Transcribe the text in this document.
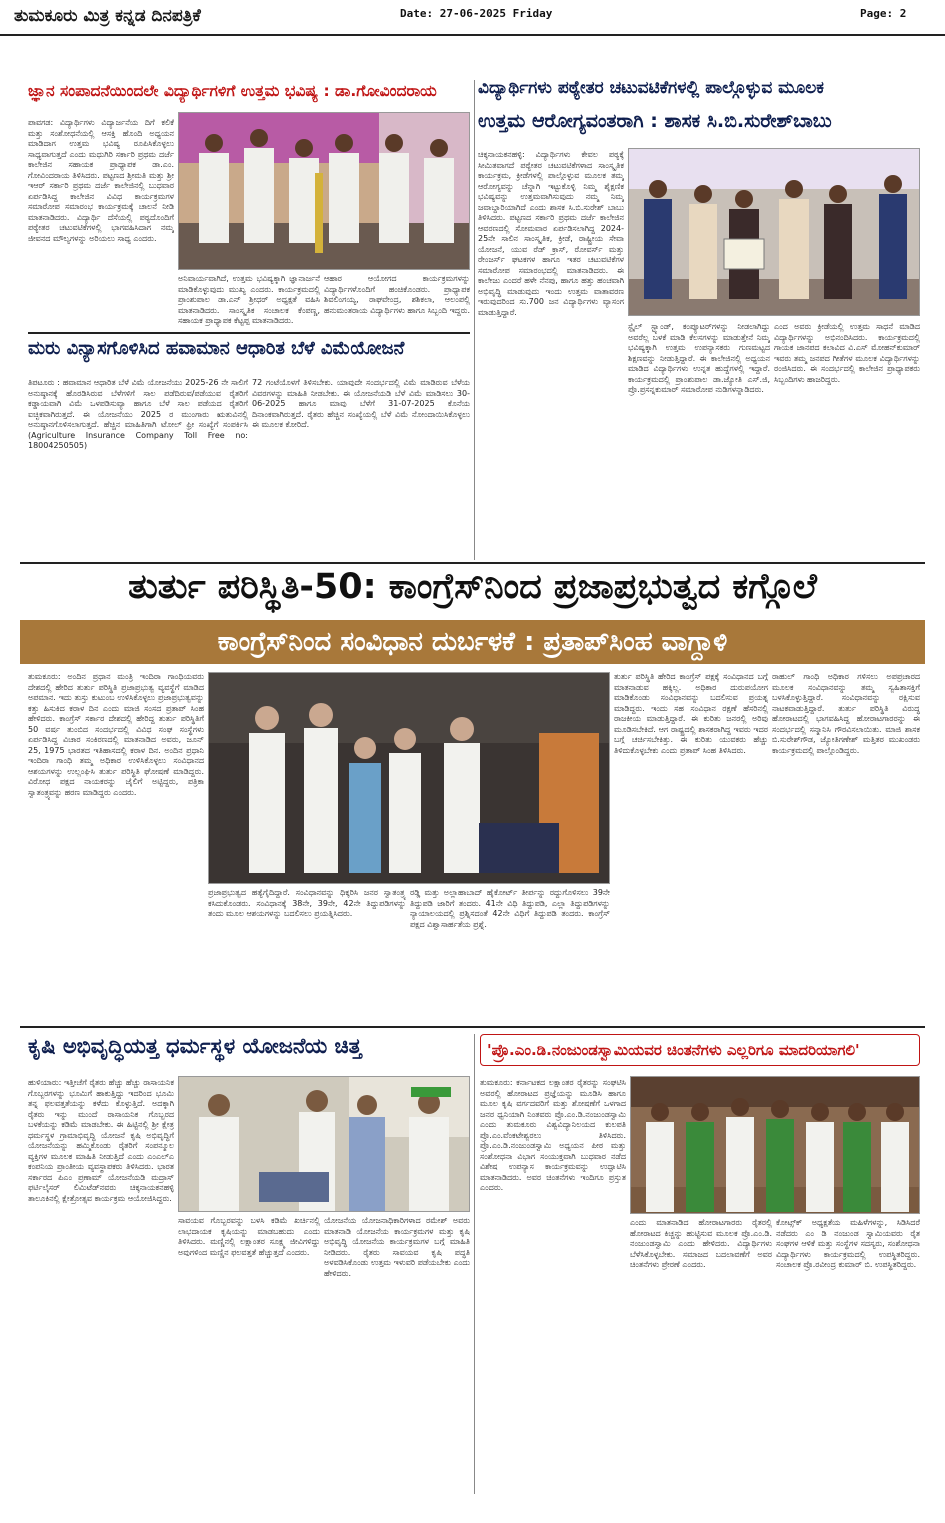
ತುಮಕೂರು ಮಿತ್ರ ಕನ್ನಡ ದಿನಪತ್ರಿಕೆ	Date: 27-06-2025 Friday	Page: 2
ಜ್ಞಾನ ಸಂಪಾದನೆಯಿಂದಲೇ ವಿದ್ಯಾರ್ಥಿಗಳಿಗೆ ಉತ್ತಮ ಭವಿಷ್ಯ : ಡಾ.ಗೋವಿಂದರಾಯ
ಪಾವಗಡ: ವಿದ್ಯಾರ್ಥಿಗಳು ವಿದ್ಯಾರ್ಜನೆಯ ದಿಗೆ ಕಲಿಕೆ ಮತ್ತು ಸಂಶೋಧನೆಯಲ್ಲಿ ಆಸಕ್ತಿ ಹೊಂದಿ ಅಧ್ಯಯನ ಮಾಡಿದಾಗ ಉತ್ತಮ ಭವಿಷ್ಯ ರೂಪಿಸಿಕೊಳ್ಳಲು ಸಾಧ್ಯವಾಗುತ್ತದೆ ಎಂದು ಮಧುಗಿರಿ ಸರ್ಕಾರಿ ಪ್ರಥಮ ದರ್ಜೆ ಕಾಲೇಜಿನ ಸಹಾಯಕ ಪ್ರಾಧ್ಯಾಪಕ ಡಾ.ಎಂ. ಗೋವಿಂದರಾಯ ತಿಳಿಸಿದರು. ಪಟ್ಟಣದ ಶ್ರೀಮತಿ ಮತ್ತು ಶ್ರೀ ಇಆರ್ ಸರ್ಕಾರಿ ಪ್ರಥಮ ದರ್ಜೆ ಕಾಲೇಜಿನಲ್ಲಿ ಬುಧವಾರ ಏರ್ಪಡಿಸಿದ್ದ ಕಾಲೇಜಿನ ವಿವಿಧ ಕಾರ್ಯಕ್ರಮಗಳ ಸಮಾರೋಪ ಸಮಾರಂಭ ಕಾರ್ಯಕ್ರಮಕ್ಕೆ ಚಾಲನೆ ನೀಡಿ ಮಾತನಾಡಿದರು. ವಿದ್ಯಾರ್ಥಿ ದೆಸೆಯಲ್ಲಿ ಪಠ್ಯದೊಂದಿಗೆ ಪಠ್ಯೇತರ ಚಟುವಟಿಕೆಗಳಲ್ಲಿ ಭಾಗವಹಿಸಿದಾಗ ನಮ್ಮ ಜೀವನದ ಮೌಲ್ಯಗಳನ್ನು ಅರಿಯಲು ಸಾಧ್ಯ ಎಂದರು.
ಅನಿವಾರ್ಯವಾಗಿದೆ, ಉತ್ತಮ ಭವಿಷ್ಯಕ್ಕಾಗಿ ಜ್ಞಾನಾರ್ಜನೆ ಮಾಡಿಕೊಳ್ಳುವುದು ಮುಖ್ಯ ಎಂದರು. ಕಾರ್ಯಕ್ರಮದಲ್ಲಿ ಪ್ರಾಂಶುಪಾಲ ಡಾ.ಎನ್ ಶ್ರೀಧರ್ ಅಧ್ಯಕ್ಷತೆ ವಹಿಸಿ ಮಾತನಾಡಿದರು. ಸಾಂಸ್ಕೃತಿಕ ಸಂಚಾಲಕ ಕೆಂಪಣ್ಣ, ಸಹಾಯಕ ಪ್ರಾಧ್ಯಾಪಕ ಕೆಟ್ಟಪ್ಪ ಮಾತನಾಡಿದರು.
ಆಹಾರ ಆಯೋಗದ ಕಾರ್ಯಕ್ರಮಗಳನ್ನು ವಿದ್ಯಾರ್ಥಿಗಳೊಂದಿಗೆ ಹಂಚಿಕೊಂಡರು. ಪ್ರಾಧ್ಯಾಪಕ ಶಿವಲಿಂಗಯ್ಯ, ರಾಘವೇಂದ್ರ, ಶಶಿಕಲಾ, ಆಲಂಪಲ್ಲಿ ಹನುಮಂತರಾಯ ವಿದ್ಯಾರ್ಥಿಗಳು ಹಾಗೂ ಸಿಬ್ಬಂದಿ ಇದ್ದರು.
ಮರು ವಿನ್ಯಾಸಗೊಳಿಸಿದ ಹವಾಮಾನ ಆಧಾರಿತ ಬೆಳೆ ವಿಮೆಯೋಜನೆ
ತಿಪಟೂರು : ಹವಾಮಾನ ಆಧಾರಿತ ಬೆಳೆ ವಿಮೆ ಯೋಜನೆಯು 2025-26 ನೇ ಸಾಲಿಗೆ ಅನುಷ್ಠಾನಕ್ಕೆ ಹೊರಡಿಸಿರುವ ಬೆಳೆಗಳಿಗೆ ಸಾಲ ಪಡೆದಿರುವ/ಪಡೆಯುವ ರೈತರಿಗೆ ಕಡ್ಡಾಯವಾಗಿ ವಿಮೆ ಒಳಪಡಿಸುವ್ಯಾ ಹಾಗೂ ಬೆಳೆ ಸಾಲ ಪಡೆಯದ ರೈತರಿಗೆ ಐಚ್ಛಿಕವಾಗಿರುತ್ತದೆ. ಈ ಯೋಜನೆಯು 2025 ರ ಮುಂಗಾರು ಋತುವಿನಲ್ಲಿ ಅನುಷ್ಠಾನಗೊಳಿಸಲಾಗುತ್ತದೆ. ಹೆಚ್ಚಿನ ಮಾಹಿತಿಗಾಗಿ ಟೋಲ್ ಫ್ರೀ ಸಂಖ್ಯೆಗೆ ಸಂಪರ್ಕಿಸಿ (Agriculture Insurance Company Toll Free no: 18004250505)
72 ಗಂಟೆಯೊಳಗೆ ತಿಳಿಸಬೇಕು. ಯಾವುದೇ ಸಂದರ್ಭದಲ್ಲಿ ವಿಮೆ ಮಾಡಿರುವ ಬೆಳೆಯ ವಿವರಗಳನ್ನು ಮಾಹಿತಿ ನೀಡಬೇಕು. ಈ ಯೋಜನೆಯಡಿ ಬೆಳೆ ವಿಮೆ ಮಾಡಿಸಲು 30-06-2025 ಹಾಗೂ ಮಾವು ಬೆಳೆಗೆ 31-07-2025 ಕೊನೆಯ ದಿನಾಂಕವಾಗಿರುತ್ತದೆ. ರೈತರು ಹೆಚ್ಚಿನ ಸಂಖ್ಯೆಯಲ್ಲಿ ಬೆಳೆ ವಿಮೆ ನೋಂದಾಯಿಸಿಕೊಳ್ಳಲು ಈ ಮೂಲಕ ಕೋರಿದೆ.
ವಿದ್ಯಾರ್ಥಿಗಳು ಪಠ್ಯೇತರ ಚಟುವಟಿಕೆಗಳಲ್ಲಿ ಪಾಲ್ಗೊಳ್ಳುವ ಮೂಲಕ
ಉತ್ತಮ ಆರೋಗ್ಯವಂತರಾಗಿ : ಶಾಸಕ ಸಿ.ಬಿ.ಸುರೇಶ್‌ಬಾಬು
ಚಿಕ್ಕನಾಯಕನಹಳ್ಳಿ: ವಿದ್ಯಾರ್ಥಿಗಳು ಕೇವಲ ಪಠ್ಯಕ್ಕೆ ಸೀಮಿತವಾಗದೆ ಪಠ್ಯೇತರ ಚಟುವಟಿಕೆಗಳಾದ ಸಾಂಸ್ಕೃತಿಕ ಕಾರ್ಯಕ್ರಮ, ಕ್ರೀಡೆಗಳಲ್ಲಿ ಪಾಲ್ಗೊಳ್ಳುವ ಮೂಲಕ ತಮ್ಮ ಆರೋಗ್ಯವನ್ನು ಚೆನ್ನಾಗಿ ಇಟ್ಟುಕೊಳ್ಳಿ ನಿಮ್ಮ ಶೈಕ್ಷಣಿಕ ಭವಿಷ್ಯವನ್ನು ಉತ್ತಮವಾಗಿಸುವುದು ನಮ್ಮ ನಿಮ್ಮ ಜವಾಬ್ದಾರಿಯಾಗಿದೆ ಎಂದು ಶಾಸಕ ಸಿ.ಬಿ.ಸುರೇಶ್ ಬಾಬು ತಿಳಿಸಿದರು. ಪಟ್ಟಣದ ಸರ್ಕಾರಿ ಪ್ರಥಮ ದರ್ಜೆ ಕಾಲೇಜಿನ ಆವರಣದಲ್ಲಿ ಸೋಮವಾರ ಏರ್ಪಡಿಸಲಾಗಿದ್ದ 2024-25ನೇ ಸಾಲಿನ ಸಾಂಸ್ಕೃತಿಕ, ಕ್ರೀಡೆ, ರಾಷ್ಟ್ರೀಯ ಸೇವಾ ಯೋಜನೆ, ಯುವ ರೆಡ್ ಕ್ರಾಸ್, ರೋವರ್ಸ್ ಮತ್ತು ರೇಂಜರ್ಸ್ ಘಟಕಗಳ ಹಾಗೂ ಇತರ ಚಟುವಟಿಕೆಗಳ ಸಮಾರೋಪ ಸಮಾರಂಭದಲ್ಲಿ ಮಾತನಾಡಿದರು. ಈ ಕಾಲೇಜು ಎಂದರೆ ಹಳೇ ನೆನಪು, ಹಾಗೂ ಹತ್ತು ಹಂಚವಾಗಿ ಅಭಿವೃದ್ಧಿ ಮಾಡುವುದು ಇಂದು ಉತ್ತಮ ವಾತಾವರಣ ಇರುವುದರಿಂದ ಸು.700 ಜನ ವಿದ್ಯಾರ್ಥಿಗಳು ವ್ಯಾಸಂಗ ಮಾಡುತ್ತಿದ್ದಾರೆ.
ಸ್ಟೈಲ್ ಸ್ಟ್ಯಾಂಡ್, ಕಂಪ್ಯೂಟರ್‌ಗಳನ್ನು ನೀಡಲಾಗಿದ್ದು ಅವರೆಲ್ಲ ಬಳಕೆ ಮಾಡಿ ಕೆಲಸಗಳನ್ನು ಮಾಡುತ್ತೇನೆ ನಿಮ್ಮ ಭವಿಷ್ಯಕ್ಕಾಗಿ ಉತ್ತಮ ಉಪನ್ಯಾಸಕರು ಗುಣಮಟ್ಟದ ಶಿಕ್ಷಣವನ್ನು ನೀಡುತ್ತಿದ್ದಾರೆ. ಈ ಕಾಲೇಜಿನಲ್ಲಿ ಅಧ್ಯಯನ ಮಾಡಿದ ವಿದ್ಯಾರ್ಥಿಗಳು ಉನ್ನತ ಹುದ್ದೆಗಳಲ್ಲಿ ಇದ್ದಾರೆ. ಕಾರ್ಯಕ್ರಮದಲ್ಲಿ ಪ್ರಾಂಶುಪಾಲ ಡಾ.ಜ್ಯೋತಿ ಎಸ್.ಜಿ, ಪ್ರೊ.ಪ್ರಸನ್ನಕುಮಾರ್ ಸಮಾರೋಪ ನುಡಿಗಳನ್ನಾಡಿದರು.
ಎಂದ ಅವರು ಕ್ರೀಡೆಯಲ್ಲಿ ಉತ್ತಮ ಸಾಧನೆ ಮಾಡಿದ ವಿದ್ಯಾರ್ಥಿಗಳನ್ನು ಅಭಿನಂದಿಸಿದರು. ಕಾರ್ಯಕ್ರಮದಲ್ಲಿ ಗಾಯಕ ಜಾನಪದ ಕಲಾವಿದ ವಿ.ಎಸ್ ಮೋಹನ್‌ಕುಮಾರ್ ಇವರು ತಮ್ಮ ಜನಪದ ಗೀತೆಗಳ ಮೂಲಕ ವಿದ್ಯಾರ್ಥಿಗಳನ್ನು ರಂಜಿಸಿದರು. ಈ ಸಂದರ್ಭದಲ್ಲಿ ಕಾಲೇಜಿನ ಪ್ರಾಧ್ಯಾಪಕರು ಸಿಬ್ಬಂದಿಗಳು ಹಾಜರಿದ್ದರು.
ತುರ್ತು ಪರಿಸ್ಥಿತಿ-50: ಕಾಂಗ್ರೆಸ್‌ನಿಂದ ಪ್ರಜಾಪ್ರಭುತ್ವದ ಕಗ್ಗೊಲೆ
ಕಾಂಗ್ರೆಸ್‌ನಿಂದ ಸಂವಿಧಾನ ದುರ್ಬಳಕೆ : ಪ್ರತಾಪ್‌ಸಿಂಹ ವಾಗ್ದಾಳಿ
ತುಮಕೂರು: ಅಂದಿನ ಪ್ರಧಾನ ಮಂತ್ರಿ ಇಂದಿರಾ ಗಾಂಧಿಯವರು ದೇಶದಲ್ಲಿ ಹೇರಿದ ತುರ್ತು ಪರಿಸ್ಥಿತಿ ಪ್ರಜಾಪ್ರಭುತ್ವ ವ್ಯವಸ್ಥೆಗೆ ಮಾಡಿದ ಅಪಮಾನ. ಇದು ತುಸ್ತು ಕುಟುಂಬ ಉಳಿಸಿಕೊಳ್ಳಲು ಪ್ರಜಾಪ್ರಭುತ್ವವನ್ನು ಕತ್ತು ಹಿಸುಕಿದ ಕರಾಳ ದಿನ ಎಂದು ಮಾಜಿ ಸಂಸದ ಪ್ರತಾಪ್ ಸಿಂಹ ಹೇಳಿದರು. ಕಾಂಗ್ರೆಸ್ ಸರ್ಕಾರ ದೇಶದಲ್ಲಿ ಹೇರಿದ್ದ ತುರ್ತು ಪರಿಸ್ಥಿತಿಗೆ 50 ವರ್ಷ ತುಂಬಿದ ಸಂದರ್ಭದಲ್ಲಿ ವಿವಿಧ ಸಂಘ ಸಂಸ್ಥೆಗಳು ಏರ್ಪಡಿಸಿದ್ದ ವಿಚಾರ ಸಂಕಿರಣದಲ್ಲಿ ಮಾತನಾಡಿದ ಅವರು, ಜೂನ್ 25, 1975 ಭಾರತದ ಇತಿಹಾಸದಲ್ಲಿ ಕರಾಳ ದಿನ. ಅಂದಿನ ಪ್ರಧಾನಿ ಇಂದಿರಾ ಗಾಂಧಿ ತಮ್ಮ ಅಧಿಕಾರ ಉಳಿಸಿಕೊಳ್ಳಲು ಸಂವಿಧಾನದ ಆಶಯಗಳನ್ನು ಉಲ್ಲಂಘಿಸಿ ತುರ್ತು ಪರಿಸ್ಥಿತಿ ಘೋಷಣೆ ಮಾಡಿದ್ದರು. ವಿರೋಧ ಪಕ್ಷದ ನಾಯಕರನ್ನು ಜೈಲಿಗೆ ಅಟ್ಟಿದ್ದರು, ಪತ್ರಿಕಾ ಸ್ವಾತಂತ್ರ್ಯವನ್ನು ಹರಣ ಮಾಡಿದ್ದರು ಎಂದರು.
ಪ್ರಜಾಪ್ರಭುತ್ವದ ಹತ್ಯೆಗೈದಿದ್ದಾರೆ. ಸಂವಿಧಾನವನ್ನು ಧಿಕ್ಕರಿಸಿ ಜನರ ಸ್ವಾತಂತ್ರ್ಯ ಕಸಿದುಕೊಂಡರು. ಸಂವಿಧಾನಕ್ಕೆ 38ನೇ, 39ನೇ, 42ನೇ ತಿದ್ದುಪಡಿಗಳನ್ನು ತಂದು ಮೂಲ ಆಶಯಗಳನ್ನು ಬದಲಿಸಲು ಪ್ರಯತ್ನಿಸಿದರು.
ರಡ್ಡಿ ಮತ್ತು ಅಲ್ಲಾಹಾಬಾದ್ ಹೈಕೋರ್ಟ್ ತೀರ್ಪನ್ನು ರದ್ದುಗೊಳಿಸಲು 39ನೇ ತಿದ್ದುಪಡಿ ಜಾರಿಗೆ ತಂದರು. 41ನೇ ವಿಧಿ ತಿದ್ದುಪಡಿ, ಎಲ್ಲಾ ತಿದ್ದುಪಡಿಗಳನ್ನು ನ್ಯಾಯಾಲಯದಲ್ಲಿ ಪ್ರಶ್ನಿಸದಂತೆ 42ನೇ ವಿಧಿಗೆ ತಿದ್ದುಪಡಿ ತಂದರು. ಕಾಂಗ್ರೆಸ್ ಪಕ್ಷದ ವಿಶ್ವಾಸಾರ್ಹತೆಯ ಪ್ರಶ್ನೆ.
ತುರ್ತು ಪರಿಸ್ಥಿತಿ ಹೇರಿದ ಕಾಂಗ್ರೆಸ್ ಪಕ್ಷಕ್ಕೆ ಸಂವಿಧಾನದ ಬಗ್ಗೆ ಮಾತನಾಡುವ ಹಕ್ಕಿಲ್ಲ. ಅಧಿಕಾರ ದುರುಪಯೋಗ ಮಾಡಿಕೊಂಡು ಸಂವಿಧಾನವನ್ನು ಬದಲಿಸುವ ಪ್ರಯತ್ನ ಮಾಡಿದ್ದರು. ಇಂದು ಸಹ ಸಂವಿಧಾನ ರಕ್ಷಣೆ ಹೆಸರಿನಲ್ಲಿ ರಾಜಕೀಯ ಮಾಡುತ್ತಿದ್ದಾರೆ. ಈ ಕುರಿತು ಜನರಲ್ಲಿ ಅರಿವು ಮೂಡಿಸಬೇಕಿದೆ. ಆಗ ರಾಷ್ಟ್ರದಲ್ಲಿ ಶಾಸಕರಾಗಿದ್ದ ಇವರು ಇದರ ಬಗ್ಗೆ ಚರ್ಚಿಸಬೇಕಿತ್ತು. ಈ ಕುರಿತು ಯುವಕರು ಹೆಚ್ಚು ತಿಳಿದುಕೊಳ್ಳಬೇಕು ಎಂದು ಪ್ರತಾಪ್ ಸಿಂಹ ತಿಳಿಸಿದರು.
ರಾಹುಲ್ ಗಾಂಧಿ ಅಧಿಕಾರ ಗಳಿಸಲು ಅಪಪ್ರಚಾರದ ಮೂಲಕ ಸಂವಿಧಾನವನ್ನು ತಮ್ಮ ಸ್ವಹಿತಾಸಕ್ತಿಗೆ ಬಳಸಿಕೊಳ್ಳುತ್ತಿದ್ದಾರೆ. ಸಂವಿಧಾನವನ್ನು ರಕ್ಷಿಸುವ ನಾಟಕವಾಡುತ್ತಿದ್ದಾರೆ. ತುರ್ತು ಪರಿಸ್ಥಿತಿ ವಿರುದ್ಧ ಹೋರಾಟದಲ್ಲಿ ಭಾಗವಹಿಸಿದ್ದ ಹೋರಾಟಗಾರರನ್ನು ಈ ಸಂದರ್ಭದಲ್ಲಿ ಸನ್ಮಾನಿಸಿ ಗೌರವಿಸಲಾಯಿತು. ಮಾಜಿ ಶಾಸಕ ಬಿ.ಸುರೇಶ್‌ಗೌಡ, ಜ್ಯೋತಿಗಣೇಶ್ ಮತ್ತಿತರ ಮುಖಂಡರು ಕಾರ್ಯಕ್ರಮದಲ್ಲಿ ಪಾಲ್ಗೊಂಡಿದ್ದರು.
ಕೃಷಿ ಅಭಿವೃದ್ಧಿಯತ್ತ ಧರ್ಮಸ್ಥಳ ಯೋಜನೆಯ ಚಿತ್ತ
ಹುಳಿಯಾರು: ಇತ್ತೀಚೆಗೆ ರೈತರು ಹೆಚ್ಚು ಹೆಚ್ಚು ರಾಸಾಯನಿಕ ಗೊಬ್ಬರಗಳನ್ನು ಭೂಮಿಗೆ ಹಾಕುತ್ತಿದ್ದು ಇದರಿಂದ ಭೂಮಿ ತನ್ನ ಫಲವತ್ತತೆಯನ್ನು ಕಳೆದು ಕೊಳ್ಳುತ್ತಿದೆ. ಅದಕ್ಕಾಗಿ ರೈತರು ಇನ್ನು ಮುಂದೆ ರಾಸಾಯನಿಕ ಗೊಬ್ಬರದ ಬಳಕೆಯನ್ನು ಕಡಿಮೆ ಮಾಡಬೇಕು. ಈ ಹಿಟ್ಟಿನಲ್ಲಿ ಶ್ರೀ ಕ್ಷೇತ್ರ ಧರ್ಮಸ್ಥಳ ಗ್ರಾಮಾಭಿವೃದ್ಧಿ ಯೋಜನೆ ಕೃಷಿ ಅಭಿವೃದ್ಧಿಗೆ ಯೋಜನೆಯನ್ನು ಹಮ್ಮಿಕೊಂಡು ರೈತರಿಗೆ ಸಂಪನ್ಮೂಲ ವ್ಯಕ್ತಿಗಳ ಮೂಲಕ ಮಾಹಿತಿ ನೀಡುತ್ತಿದೆ ಎಂದು ಎಂಎಲ್‌ಎ ಕಂಪನಿಯ ಪ್ರಾಂತೀಯ ವ್ಯವಸ್ಥಾಪಕರು ತಿಳಿಸಿದರು. ಭಾರತ ಸರ್ಕಾರದ ಪಿಎಂ ಪ್ರಣಾಮ್ ಯೋಜನೆಯಡಿ ಮದ್ರಾಸ್ ಫರ್ಟಿಲೈಸರ್ ಲಿಮಿಟೆಡ್‌ನವರು ಚಿಕ್ಕನಾಯಕನಹಳ್ಳಿ ತಾಲೂಕಿನಲ್ಲಿ ಕ್ಷೇತ್ರೋತ್ಸವ ಕಾರ್ಯಕ್ರಮ ಆಯೋಜಿಸಿದ್ದರು.
ಸಾವಯವ ಗೊಬ್ಬರವನ್ನು ಬಳಸಿ ಕಡಿಮೆ ಖರ್ಚಿನಲ್ಲಿ ಲಾಭದಾಯಕ ಕೃಷಿಯನ್ನು ಮಾಡಬಹುದು ಎಂದು ತಿಳಿಸಿದರು. ಮಣ್ಣಿನಲ್ಲಿ ಲಕ್ಷಾಂತರ ಸೂಕ್ಷ್ಮ ಜೀವಿಗಳಿದ್ದು ಅವುಗಳಿಂದ ಮಣ್ಣಿನ ಫಲವತ್ತತೆ ಹೆಚ್ಚುತ್ತದೆ ಎಂದರು.
ಯೋಜನೆಯ ಯೋಜನಾಧಿಕಾರಿಗಳಾದ ರಮೇಶ್ ಅವರು ಮಾತನಾಡಿ ಯೋಜನೆಯ ಕಾರ್ಯಕ್ರಮಗಳ ಮತ್ತು ಕೃಷಿ ಅಭಿವೃದ್ಧಿ ಯೋಜನೆಯ ಕಾರ್ಯಕ್ರಮಗಳ ಬಗ್ಗೆ ಮಾಹಿತಿ ನೀಡಿದರು. ರೈತರು ಸಾವಯವ ಕೃಷಿ ಪದ್ಧತಿ ಅಳವಡಿಸಿಕೊಂಡು ಉತ್ತಮ ಇಳುವರಿ ಪಡೆಯಬೇಕು ಎಂದು ಹೇಳಿದರು.
'ಪ್ರೊ.ಎಂ.ಡಿ.ನಂಜುಂಡಸ್ವಾಮಿಯವರ ಚಿಂತನೆಗಳು ಎಲ್ಲರಿಗೂ ಮಾದರಿಯಾಗಲಿ'
ತುಮಕೂರು: ಕರ್ನಾಟಕದ ಲಕ್ಷಾಂತರ ರೈತರನ್ನು ಸಂಘಟಿಸಿ ಅವರಲ್ಲಿ ಹೋರಾಟದ ಪ್ರಜ್ಞೆಯನ್ನು ಮೂಡಿಸಿ ಹಾಗೂ ಮೂಲ ಕೃಷಿ ವರ್ಗದವರಿಗೆ ಮತ್ತು ಶೋಷಣೆಗೆ ಒಳಗಾದ ಜನರ ಧ್ವನಿಯಾಗಿ ನಿಂತವರು ಪ್ರೊ.ಎಂ.ಡಿ.ನಂಜುಂಡಸ್ವಾಮಿ ಎಂದು ತುಮಕೂರು ವಿಶ್ವವಿದ್ಯಾನಿಲಯದ ಕುಲಪತಿ ಪ್ರೊ.ಎಂ.ವೆಂಕಟೇಶ್ವರಲು ತಿಳಿಸಿದರು. ಪ್ರೊ.ಎಂ.ಡಿ.ನಂಜುಂಡಸ್ವಾಮಿ ಅಧ್ಯಯನ ಪೀಠ ಮತ್ತು ಸಂಶೋಧನಾ ವಿಭಾಗ ಸಂಯುಕ್ತವಾಗಿ ಬುಧವಾರ ನಡೆದ ವಿಶೇಷ ಉಪನ್ಯಾಸ ಕಾರ್ಯಕ್ರಮವನ್ನು ಉದ್ಘಾಟಿಸಿ ಮಾತನಾಡಿದರು. ಅವರ ಚಿಂತನೆಗಳು ಇಂದಿಗೂ ಪ್ರಸ್ತುತ ಎಂದರು.
ಎಂದು ಮಾತನಾಡಿದ ಹೋರಾಟಗಾರರು ರೈತರಲ್ಲಿ ಹೋರಾಟದ ಕಿಚ್ಚನ್ನು ಹುಟ್ಟಿಸುವ ಮೂಲಕ ಪ್ರೊ.ಎಂ.ಡಿ. ನಂಜುಂಡಸ್ವಾಮಿ ಎಂದು ಹೇಳಿದರು. ವಿದ್ಯಾರ್ಥಿಗಳು ಬೆಳೆಸಿಕೊಳ್ಳಬೇಕು. ಸಮಾಜದ ಬದಲಾವಣೆಗೆ ಅವರ ಚಿಂತನೆಗಳು ಪ್ರೇರಣೆ ಎಂದರು.
ಕೋಟ್ಸ್‌ಕ್ ಅಧ್ಯಕ್ಷತೆಯ ಮಹಿಳೆಗಳನ್ನು, ಸಿಡಿಸಿದರೆ ನಡೆದರು ಎಂ ಡಿ ನಂಜುಂಡ ಸ್ವಾಮಿಯವರು ರೈತ ಸಂಘಗಳ ಆಳಿಕೆ ಮತ್ತು ಸಂಸ್ಥೆಗಳ ಸದಸ್ಯರು, ಸಂಶೋಧನಾ ವಿದ್ಯಾರ್ಥಿಗಳು ಕಾರ್ಯಕ್ರಮದಲ್ಲಿ ಉಪಸ್ಥಿತರಿದ್ದರು. ಸಂಚಾಲಕ ಪ್ರೊ.ರವೀಂದ್ರ ಕುಮಾರ್ ಬಿ. ಉಪಸ್ಥಿತರಿದ್ದರು.
